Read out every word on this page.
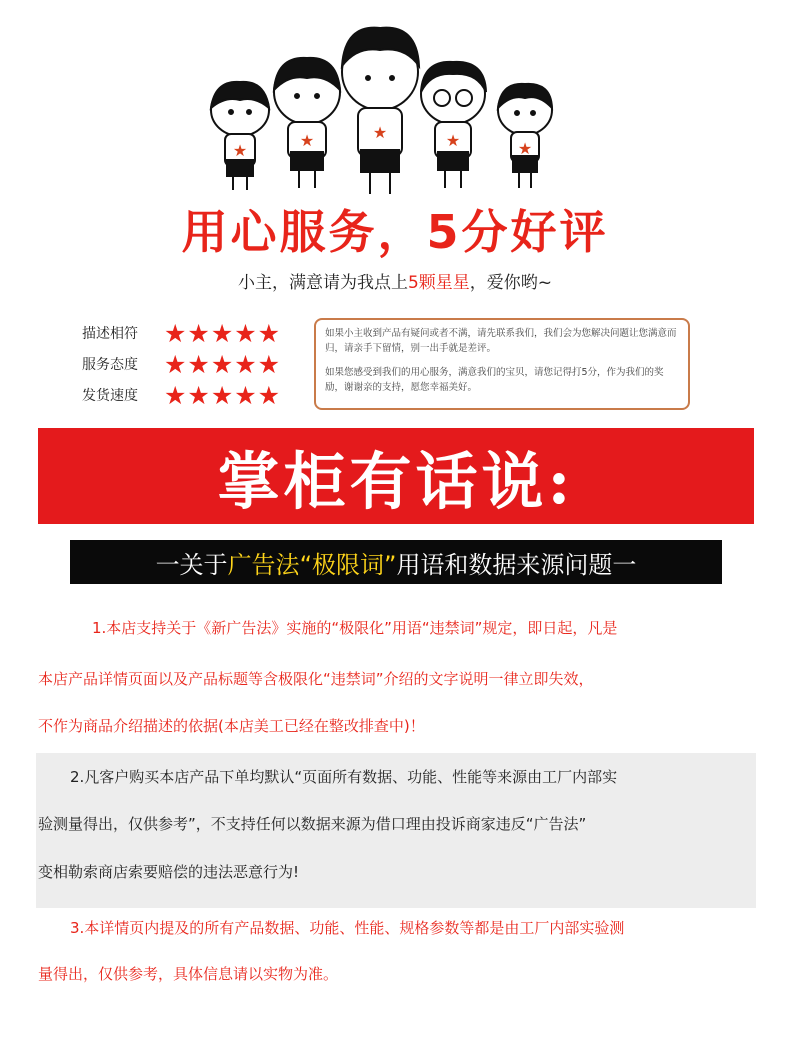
★
★	★	★	★
用心服务，5分好评
小主，满意请为我点上5颗星星，爱你哟~
描述相符	★★★★★
服务态度	★★★★★
发货速度	★★★★★

如果小主收到产品有疑问或者不满，请先联系我们，我们会为您解决问题让您满意而归，请亲手下留情，别一出手就是差评。

如果您感受到我们的用心服务，满意我们的宝贝，请您记得打5分，作为我们的奖励，谢谢亲的支持，愿您幸福美好。

掌柜有话说:
一关于 广告法 “极限词” 用语和数据来源问题一
1.本店支持关于《新广告法》实施的“极限化”用语“违禁词”规定，即日起，凡是
本店产品详情页面以及产品标题等含极限化“违禁词”介绍的文字说明一律立即失效，
不作为商品介绍描述的依据(本店美工已经在整改排查中)！
2.凡客户购买本店产品下单均默认“页面所有数据、功能、性能等来源由工厂内部实
验测量得出，仅供参考”，不支持任何以数据来源为借口理由投诉商家违反“广告法”
变相勒索商店索要赔偿的违法恶意行为!
3.本详情页内提及的所有产品数据、功能、性能、规格参数等都是由工厂内部实验测
量得出，仅供参考，具体信息请以实物为准。
